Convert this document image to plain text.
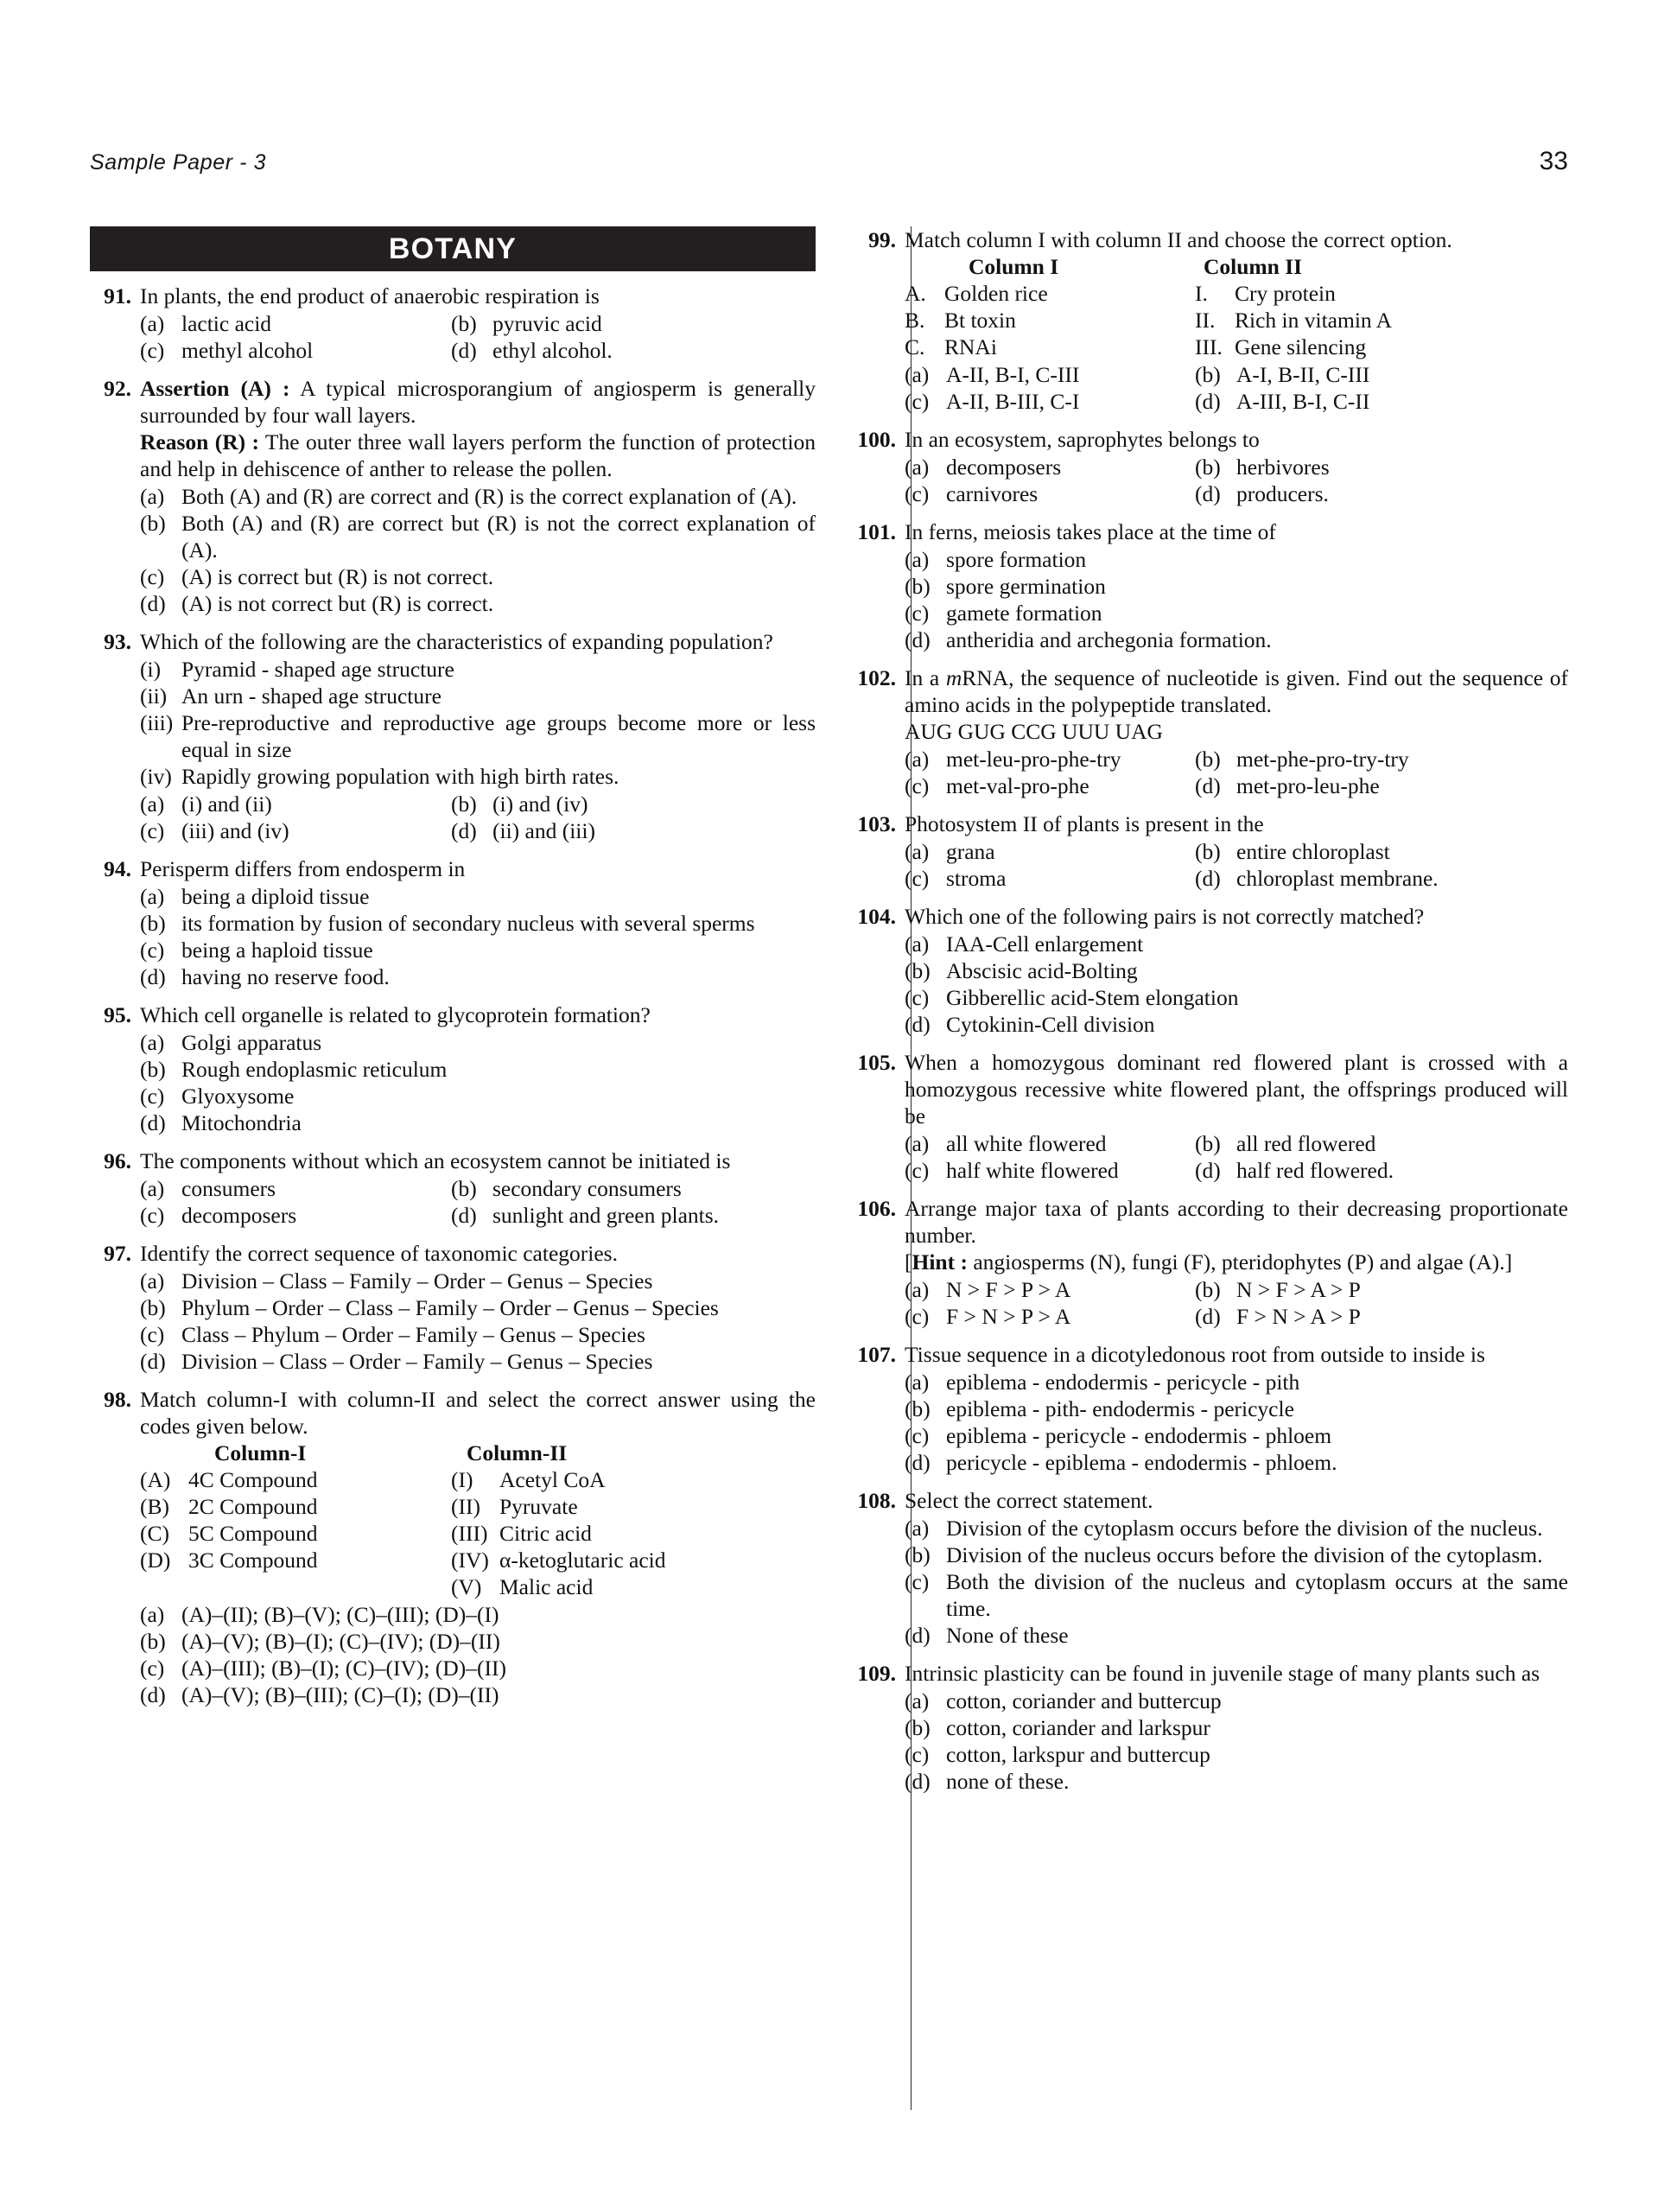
Sample Paper - 3	33
BOTANY
91. In plants, the end product of anaerobic respiration is
(a) lactic acid	(b) pyruvic acid
(c) methyl alcohol	(d) ethyl alcohol.
92. Assertion (A) : A typical microsporangium of angiosperm is generally surrounded by four wall layers.
Reason (R) : The outer three wall layers perform the function of protection and help in dehiscence of anther to release the pollen.
(a) Both (A) and (R) are correct and (R) is the correct explanation of (A).
(b) Both (A) and (R) are correct but (R) is not the correct explanation of (A).
(c) (A) is correct but (R) is not correct.
(d) (A) is not correct but (R) is correct.
93. Which of the following are the characteristics of expanding population?
(i) Pyramid - shaped age structure
(ii) An urn - shaped age structure
(iii) Pre-reproductive and reproductive age groups become more or less equal in size
(iv) Rapidly growing population with high birth rates.
(a) (i) and (ii)	(b) (i) and (iv)
(c) (iii) and (iv)	(d) (ii) and (iii)
94. Perisperm differs from endosperm in
(a) being a diploid tissue
(b) its formation by fusion of secondary nucleus with several sperms
(c) being a haploid tissue
(d) having no reserve food.
95. Which cell organelle is related to glycoprotein formation?
(a) Golgi apparatus
(b) Rough endoplasmic reticulum
(c) Glyoxysome
(d) Mitochondria
96. The components without which an ecosystem cannot be initiated is
(a) consumers	(b) secondary consumers
(c) decomposers	(d) sunlight and green plants.
97. Identify the correct sequence of taxonomic categories.
(a) Division – Class – Family – Order – Genus – Species
(b) Phylum – Order – Class – Family – Order – Genus – Species
(c) Class – Phylum – Order – Family – Genus – Species
(d) Division – Class – Order – Family – Genus – Species
98. Match column-I with column-II and select the correct answer using the codes given below.
Column-I	Column-II
(A) 4C Compound	(I)	Acetyl CoA
(B) 2C Compound	(II) Pyruvate
(C) 5C Compound	(III) Citric acid
(D) 3C Compound	(IV) α-ketoglutaric acid
(V) Malic acid
(a) (A)–(II); (B)–(V); (C)–(III); (D)–(I)
(b) (A)–(V); (B)–(I); (C)–(IV); (D)–(II)
(c) (A)–(III); (B)–(I); (C)–(IV); (D)–(II)
(d) (A)–(V); (B)–(III); (C)–(I); (D)–(II)
99. Match column I with column II and choose the correct option.
Column I	Column II
A. Golden rice	I.	Cry protein
B. Bt toxin	II. Rich in vitamin A
C. RNAi	III. Gene silencing
(a) A-II, B-I, C-III	(b) A-I, B-II, C-III
(c) A-II, B-III, C-I	(d) A-III, B-I, C-II
100. In an ecosystem, saprophytes belongs to
(a) decomposers	(b) herbivores
(c) carnivores	(d) producers.
101. In ferns, meiosis takes place at the time of
(a) spore formation
(b) spore germination
(c) gamete formation
(d) antheridia and archegonia formation.
102. In a mRNA, the sequence of nucleotide is given. Find out the sequence of amino acids in the polypeptide translated.
AUG GUG CCG UUU UAG
(a) met-leu-pro-phe-try	(b) met-phe-pro-try-try
(c) met-val-pro-phe	(d) met-pro-leu-phe
103. Photosystem II of plants is present in the
(a) grana	(b) entire chloroplast
(c) stroma	(d) chloroplast membrane.
104. Which one of the following pairs is not correctly matched?
(a) IAA-Cell enlargement
(b) Abscisic acid-Bolting
(c) Gibberellic acid-Stem elongation
(d) Cytokinin-Cell division
105. When a homozygous dominant red flowered plant is crossed with a homozygous recessive white flowered plant, the offsprings produced will be
(a) all white flowered	(b) all red flowered
(c) half white flowered	(d) half red flowered.
106. Arrange major taxa of plants according to their decreasing proportionate number.
[Hint : angiosperms (N), fungi (F), pteridophytes (P) and algae (A).]
(a) N > F > P > A	(b) N > F > A > P
(c) F > N > P > A	(d) F > N > A > P
107. Tissue sequence in a dicotyledonous root from outside to inside is
(a) epiblema - endodermis - pericycle - pith
(b) epiblema - pith- endodermis - pericycle
(c) epiblema - pericycle - endodermis - phloem
(d) pericycle - epiblema - endodermis - phloem.
108. Select the correct statement.
(a) Division of the cytoplasm occurs before the division of the nucleus.
(b) Division of the nucleus occurs before the division of the cytoplasm.
(c) Both the division of the nucleus and cytoplasm occurs at the same time.
(d) None of these
109. Intrinsic plasticity can be found in juvenile stage of many plants such as
(a) cotton, coriander and buttercup
(b) cotton, coriander and larkspur
(c) cotton, larkspur and buttercup
(d) none of these.
